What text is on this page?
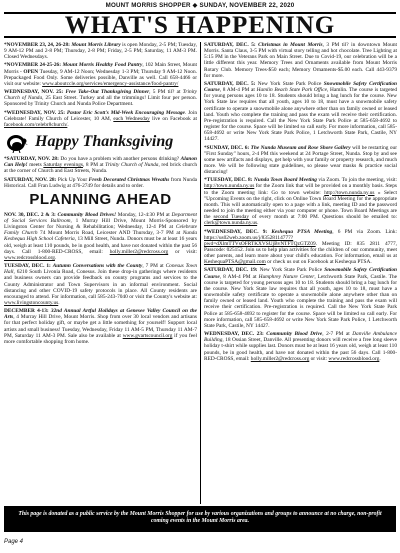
MOUNT MORRIS SHOPPER ◆ SUNDAY, NOVEMBER 22, 2020
WHAT'S HAPPENING
*NOVEMBER 23, 24, 26-28: Mount Morris Library is open Monday, 2-5 PM; Tuesday, 9 AM-12 PM and 2-8 PM; Thursday, 2-8 PM; Friday, 2-5 PM; Saturday, 11 AM-3 PM. Closed Wednesdays.
*NOVEMBER 24-25-26: Mount Morris Healthy Food Pantry, 102 Main Street, Mount Morris - OPEN Tuesday, 9 AM-12 Noon; Wednesday 1-3 PM; Thursday 9 AM-12 Noon. Prepackaged Food Only. Some deliveries possible, Danville as well. Call 658-4466 or visit our website: www.aboutccle.org/services/emergency-assistance/food-pantry/
WEDNESDAY, NOV. 25: Free Take-Out Thanksgiving Dinner, 5 PM til? at Trinity Church of Nunda, 25 East Street. Turkey and all the trimmings! Limit four per person. Sponsored by Trinity Church and Nunda Police Department.
*WEDNESDAY, NOV. 25: Pastor Eric Scott's Mid-Week Encouraging Message. Join Celebrate! Family Church of Leicester, 10 AM, each Wednesday live on Facebook at facebook.com/celebr8church/.
Happy Thanksgiving
*SATURDAY, NOV. 28: Do you have a problem with another persons drinking? Alanon Can Help! meets Saturday evenings, 8 PM at Trinity Church of Nunda, red brick church at the corner of Church and East Streets, Nunda.
SATURDAY, NOV. 28: Pick Up Your Fresh Decorated Christmas Wreaths from Nunda Historical. Call Fran Ludwig at 476-2749 for details and to order.
PLANNING AHEAD
NOV. 30, DEC. 2 & 3: Community Blood Drives! Monday, 12-4:30 PM at Department of Social Services Ballroom, 1 Murray Hill Drive, Mount Morris-Sponsored by Livingston Center for Nursing & Rehabilitation; Wednesday, 12-4 PM at Celebrate Family Church 74 Mount Morris Road, Leicester AND Thursday, 3-7 PM at Nunda Keshequa High School Cafeteria, 13 Mill Street, Nunda. Donors must be at least 16 years old, weigh at least 110 pounds, be in good health, and have not donated within the past 56 days. Call 1-800-RED-CROSS, email: holly.miller2@redcross.org or visit: www.redcrossblood.org.
TUESDAY, DEC. 1: Autumn Conversations with the County, 7 PM at Conesus Town Hall, 6210 South Livonia Road, Conesus. Join these drop-in gatherings where residents and business owners can provide feedback on county programs and services to the County Administrator and Town Supervisors in an informal environment. Social distancing and other COVID-19 safety protocols in place. All County residents are encouraged to attend. For information, call 585-243-7040 or visit the County's website at: www.livingstoncounty.us.
DECEMBER 4-13: 32nd Annual Artful Holidays at Genesee Valley Council on the Arts, 4 Murray Hill Drive, Mount Morris. Shop from over 30 local vendors and artisans for that perfect holiday gift, or maybe get a little something for yourself! Support local artists and small business! Tuesday, Wednesday, Friday 11 AM-5 PM, Thursday 11 AM-7 PM, Saturday 11 AM-3 PM. Sale also be available at www.gvartscouncil.org if you feel more comfortable shopping from home.
SATURDAY, DEC. 5: Christmas in Mount Morris, 3 PM til? in downtown Mount Morris. Santa Claus, 3-5 PM with virtual story telling and hot chocolate. Tree Lighting at 5:15 PM in the Veterans Park on Main Street. Due to Covid-19, our celebration will be a little different this year. Memory Trees and Ornaments available from Mount Morris Rotary Club. Memory Trees-$50 each; Memory Ornaments-$5.00 each. Call 443-9379 for more.
SATURDAY, DEC. 5: New York State Park Police Snowmobile Safety Certification Course, 8 AM-4 PM at Hamlin Beach State Park Office, Hamlin. The course is targeted for young persons ages 10 to 18. Students should bring a bag lunch for the course. New York State law requires that all youth, ages 10 to 18, must have a snowmobile safety certificate to operate a snowmobile alone anywhere other than on family owned or leased land. Youth who complete the training and pass the exam will receive their certification. Pre-registration is required. Call the New York State Park Police at 585-658-4692 to register for the course. Space will be limited so call early. For more information, call 585-658-4692 or write New York State Park Police, 1 Letchworth State Park, Castile, NY 14427.
*SUNDAY, DEC. 6: The Nunda Museum and Rose Shore Gallery will be restarting our "First Sunday" hours, 2-4 PM this weekend at 24 Portage Street, Nunda. Stop by and see some new artifacts and displays, get help with your family or property research, and much more. We will be following state guidelines, so please wear masks & practice social distancing!
*TUESDAY, DEC. 8: Nunda Town Board Meeting via Zoom. To join the meeting, visit: http://town.nunda.ny.us for the Zoom link that will be provided on a monthly basis. Steps to the Zoom meeting link: Go to town website: http://town.nunda.ny.us » Select "Upcoming Events on the right, click on Online Town Board Meeting for the appropriate month. This will automatically open to a page with a link, meeting ID and the password needed to join the meeting either via your computer or phone. Town Board Meetings are the second Tuesday of every month at 7:00 PM. Questions should be emailed to: clerk@town.nunda.ny.us.
*WEDNESDAY, DEC. 9: Keshequa PTSA Meeting, 6 PM via Zoom. Link: https://us02web.zoom.us/j/83528114777?pwd=dXlmTTVsOFRTKXVSUjBvNTFTQzGTZ09. Meeting ID: 835 2811 4777, Passcode: 025152. Join us to help plan activities for the children of our community, meet other parents, and learn more about your child's education. For information, email us at KeshequaPTSA@gmail.com or check us out on Facebook at Keshequa PTSA.
SATURDAY, DEC. 19: New York State Park Police Snowmobile Safety Certification Course, 8 AM-4 PM at Humphrey Nature Center, Letchworth State Park, Castile. The course is targeted for young persons ages 10 to 18. Students should bring a bag lunch for the course. New York State law requires that all youth, ages 10 to 18, must have a snowmobile safety certificate to operate a snowmobile alone anywhere other than on family owned or leased land. Youth who complete the training and pass the exam will receive their certification. Pre-registration is required. Call the New York State Park Police at 585-658-4692 to register for the course. Space will be limited so call early. For more information, call 585-658-4692 or write New York State Park Police, 1 Letchworth State Park, Castile, NY 14427.
WEDNESDAY, DEC. 23: Community Blood Drive, 2-7 PM at Danville Ambulance Building, 18 Ossian Street, Danville. All presenting donors will receive a free long sleeve holiday t-shirt while supplies last. Donors must be at least 16 years old, weigh at least 110 pounds, be in good health, and have not donated within the past 56 days. Call 1-800-RED-CROSS, email: holly.miller2@redcross.org or visit: www.redcrossblood.org.
This page is donated as a public service by the Mount Morris Shopper for use by various organizations and groups to announce at no charge, non-profit coming events in the Mount Morris area.
Page 4
